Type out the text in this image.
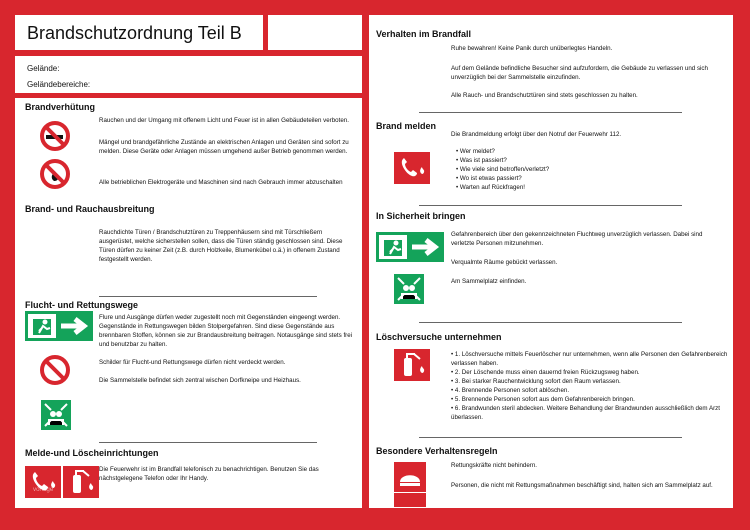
Brandschutzordnung Teil B
Gelände:
Geländebereiche:
Brandverhütung
Rauchen und der Umgang mit offenem Licht und Feuer ist in allen Gebäudeteilen verboten.
Mängel und brandgefährliche Zustände an elektrischen Anlagen und Geräten sind sofort zu melden. Diese Geräte oder Anlagen müssen umgehend außer Betrieb genommen werden.
Alle betrieblichen Elektrogeräte und Maschinen sind nach Gebrauch immer abzuschalten
Brand- und Rauchausbreitung
Rauchdichte Türen / Brandschutztüren zu Treppenhäusern sind mit Türschließern ausgerüstet, welche sicherstellen sollen, dass die Türen ständig geschlossen sind. Diese Türen dürfen zu keiner Zeit (z.B. durch Holzkeile, Blumenkübel o.ä.) in offenem Zustand festgestellt werden.
Flucht- und Rettungswege
Flure und Ausgänge dürfen weder zugestellt noch mit Gegenständen eingeengt werden. Gegenstände in Rettungswegen bilden Stolpergefahren. Sind diese Gegenstände aus brennbaren Stoffen, können sie zur Brandausbreitung beitragen. Notausgänge sind stets frei und benutzbar zu halten.
Schilder für Flucht-und Rettungswege dürfen nicht verdeckt werden.
Die Sammelstelle befindet sich zentral wischen Dorfkneipe und Heizhaus.
Melde-und Löscheinrichtungen
Die Feuerwehr ist im Brandfall telefonisch zu benachrichtigen. Benutzen Sie das nächstgelegene Telefon oder Ihr Handy.
vorlage
Verhalten im Brandfall
Ruhe bewahren! Keine Panik durch unüberlegtes Handeln.
Auf dem Gelände befindliche Besucher sind aufzufordern, die Gebäude zu verlassen und sich unverzüglich bei der Sammelstelle einzufinden.
Alle Rauch- und Brandschutztüren sind stets geschlossen zu halten.
Brand melden
Die Brandmeldung erfolgt über den Notruf der Feuerwehr 112.
• Wer meldet?
• Was ist passiert?
• Wie viele sind betroffen/verletzt?
• Wo ist etwas passiert?
• Warten auf Rückfragen!
In Sicherheit bringen
Gefahrenbereich über den gekennzeichneten Fluchtweg unverzüglich verlassen. Dabei sind verletzte Personen mitzunehmen.
Verqualmte Räume gebückt verlassen.
Am Sammelplatz einfinden.
Löschversuche unternehmen
• 1. Löschversuche mittels Feuerlöscher nur unternehmen, wenn alle Personen den Gefahrenbereich verlassen haben.
• 2. Der Löschende muss einen dauernd freien Rückzugsweg haben.
• 3. Bei starker Rauchentwicklung sofort den Raum verlassen.
• 4. Brennende Personen sofort ablöschen.
• 5. Brennende Personen sofort aus dem Gefahrenbereich bringen.
• 6. Brandwunden steril abdecken. Weitere Behandlung der Brandwunden ausschließlich dem Arzt überlassen.
Besondere Verhaltensregeln
Rettungskräfte nicht behindern.
Personen, die nicht mit Rettungsmaßnahmen beschäftigt sind, halten sich am Sammelplatz auf.
